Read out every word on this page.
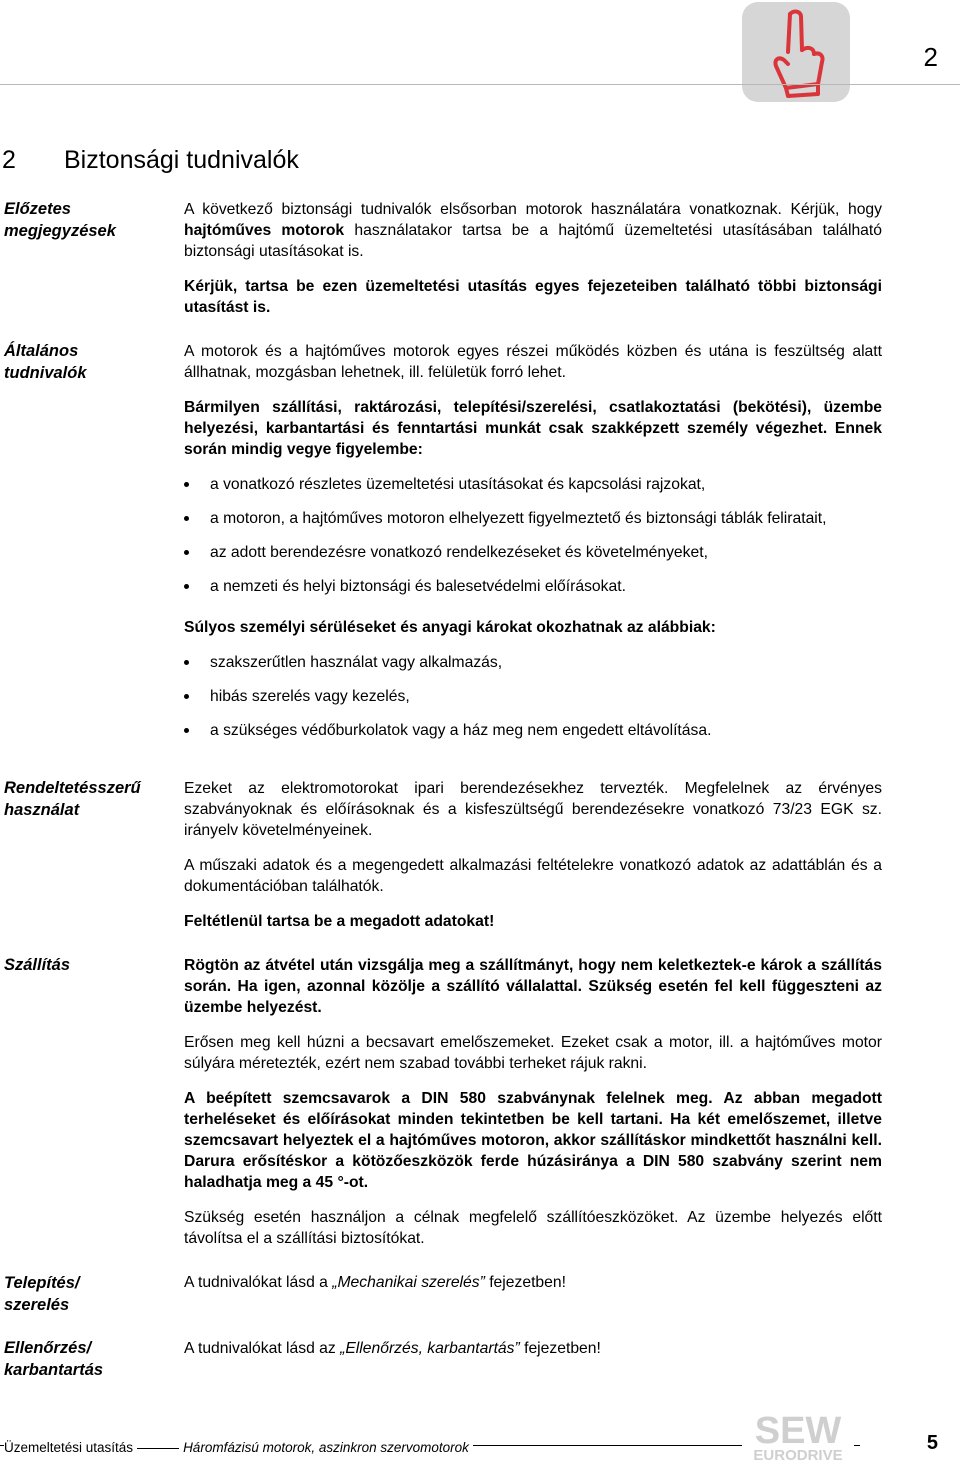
2
2 Biztonsági tudnivalók
Előzetes
megjegyzések

A következő biztonsági tudnivalók elsősorban motorok használatára vonatkoznak. Kérjük, hogy hajtóműves motorok használatakor tartsa be a hajtómű üzemeltetési utasításában található biztonsági utasításokat is.

Kérjük, tartsa be ezen üzemeltetési utasítás egyes fejezeteiben található többi biztonsági utasítást is.

Általános
tudnivalók

A motorok és a hajtóműves motorok egyes részei működés közben és utána is feszültség alatt állhatnak, mozgásban lehetnek, ill. felületük forró lehet.

Bármilyen szállítási, raktározási, telepítési/szerelési, csatlakoztatási (bekötési), üzembe helyezési, karbantartási és fenntartási munkát csak szakképzett személy végezhet. Ennek során mindig vegye figyelembe:

a vonatkozó részletes üzemeltetési utasításokat és kapcsolási rajzokat,
a motoron, a hajtóműves motoron elhelyezett figyelmeztető és biztonsági táblák feliratait,
az adott berendezésre vonatkozó rendelkezéseket és követelményeket,
a nemzeti és helyi biztonsági és balesetvédelmi előírásokat.

Súlyos személyi sérüléseket és anyagi károkat okozhatnak az alábbiak:

szakszerűtlen használat vagy alkalmazás,
hibás szerelés vagy kezelés,
a szükséges védőburkolatok vagy a ház meg nem engedett eltávolítása.
Rendeltetésszerű
használat

Ezeket az elektromotorokat ipari berendezésekhez tervezték. Megfelelnek az érvényes szabványoknak és előírásoknak és a kisfeszültségű berendezésekre vonatkozó 73/23 EGK sz. irányelv követelményeinek.

A műszaki adatok és a megengedett alkalmazási feltételekre vonatkozó adatok az adattáblán és a dokumentációban találhatók.

Feltétlenül tartsa be a megadott adatokat!

Szállítás	Rögtön az átvétel után vizsgálja meg a szállítmányt, hogy nem keletkeztek-e károk a szállítás során. Ha igen, azonnal közölje a szállító vállalattal. Szükség esetén fel kell függeszteni az üzembe helyezést.

Erősen meg kell húzni a becsavart emelőszemeket. Ezeket csak a motor, ill. a hajtóműves motor súlyára méretezték, ezért nem szabad további terheket rájuk rakni.

A beépített szemcsavarok a DIN 580 szabványnak felelnek meg. Az abban megadott terheléseket és előírásokat minden tekintetben be kell tartani. Ha két emelőszemet, illetve szemcsavart helyeztek el a hajtóműves motoron, akkor szállításkor mindkettőt használni kell. Darura erősítéskor a kötözőeszközök ferde húzásiránya a DIN 580 szabvány szerint nem haladhatja meg a 45 °-ot.

Szükség esetén használjon a célnak megfelelő szállítóeszközöket. Az üzembe helyezés előtt távolítsa el a szállítási biztosítókat.

Telepítés/
szerelés

A tudnivalókat lásd a „Mechanikai szerelés” fejezetben!

Ellenőrzés/
karbantartás

A tudnivalókat lásd az „Ellenőrzés, karbantartás” fejezetben!

Üzemeltetési utasítás	Háromfázisú motorok, aszinkron szervomotorok	SEW
EURODRIVE
5
